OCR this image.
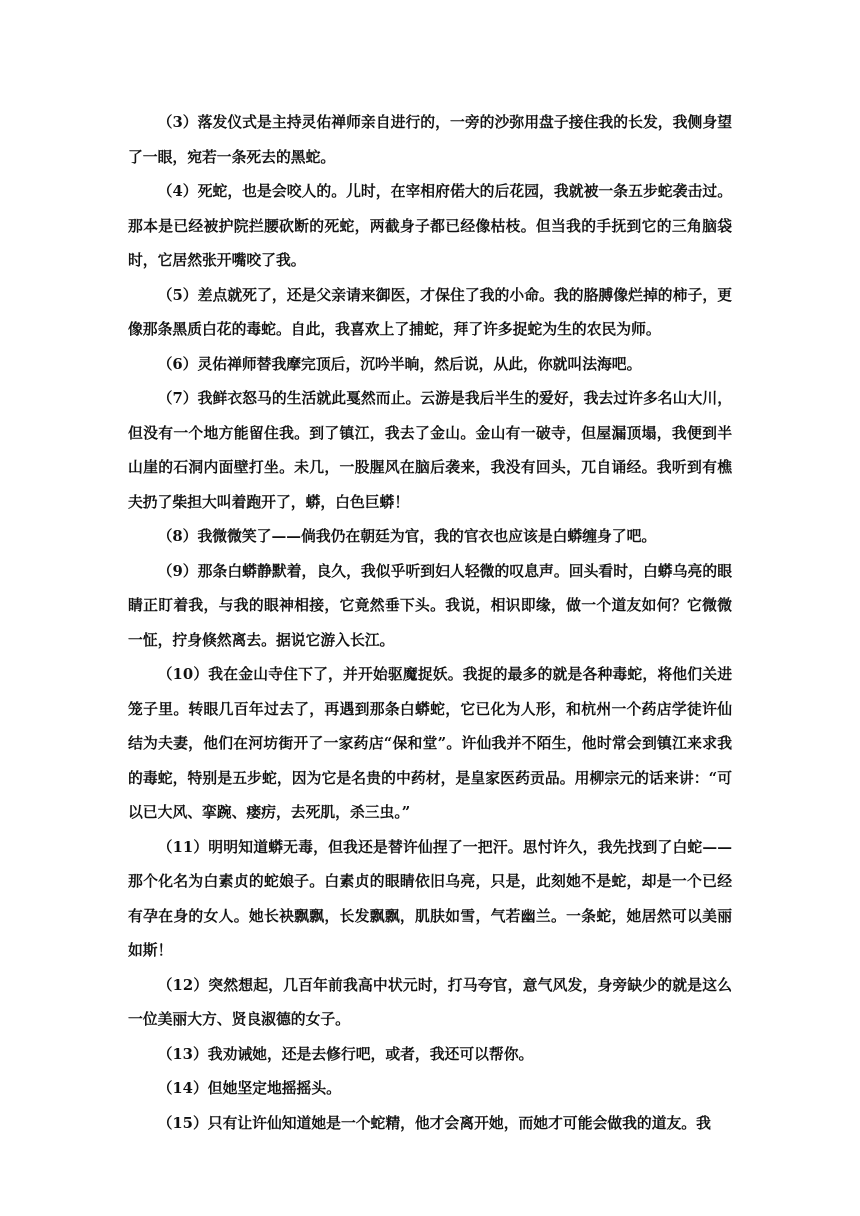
（3）落发仪式是主持灵佑禅师亲自进行的，一旁的沙弥用盘子接住我的长发，我侧身望了一眼，宛若一条死去的黑蛇。

（4）死蛇，也是会咬人的。儿时，在宰相府偌大的后花园，我就被一条五步蛇袭击过。那本是已经被护院拦腰砍断的死蛇，两截身子都已经像枯枝。但当我的手抚到它的三角脑袋时，它居然张开嘴咬了我。

（5）差点就死了，还是父亲请来御医，才保住了我的小命。我的胳膊像烂掉的柿子，更像那条黑质白花的毒蛇。自此，我喜欢上了捕蛇，拜了许多捉蛇为生的农民为师。

（6）灵佑禅师替我摩完顶后，沉吟半晌，然后说，从此，你就叫法海吧。

（7）我鲜衣怒马的生活就此戛然而止。云游是我后半生的爱好，我去过许多名山大川，但没有一个地方能留住我。到了镇江，我去了金山。金山有一破寺，但屋漏顶塌，我便到半山崖的石洞内面壁打坐。未几，一股腥风在脑后袭来，我没有回头，兀自诵经。我听到有樵夫扔了柴担大叫着跑开了，蟒，白色巨蟒！

（8）我微微笑了——倘我仍在朝廷为官，我的官衣也应该是白蟒缠身了吧。

（9）那条白蟒静默着，良久，我似乎听到妇人轻微的叹息声。回头看时，白蟒乌亮的眼睛正盯着我，与我的眼神相接，它竟然垂下头。我说，相识即缘，做一个道友如何？它微微一怔，拧身倏然离去。据说它游入长江。

（10）我在金山寺住下了，并开始驱魔捉妖。我捉的最多的就是各种毒蛇，将他们关进笼子里。转眼几百年过去了，再遇到那条白蟒蛇，它已化为人形，和杭州一个药店学徒许仙结为夫妻，他们在河坊街开了一家药店“保和堂”。许仙我并不陌生，他时常会到镇江来求我的毒蛇，特别是五步蛇，因为它是名贵的中药材，是皇家医药贡品。用柳宗元的话来讲：“可以已大风、挛踠、瘘疠，去死肌，杀三虫。”

（11）明明知道蟒无毒，但我还是替许仙捏了一把汗。思忖许久，我先找到了白蛇——那个化名为白素贞的蛇娘子。白素贞的眼睛依旧乌亮，只是，此刻她不是蛇，却是一个已经有孕在身的女人。她长袂飘飘，长发飘飘，肌肤如雪，气若幽兰。一条蛇，她居然可以美丽如斯！

（12）突然想起，几百年前我高中状元时，打马夸官，意气风发，身旁缺少的就是这么一位美丽大方、贤良淑德的女子。

（13）我劝诫她，还是去修行吧，或者，我还可以帮你。

（14）但她坚定地摇摇头。

（15）只有让许仙知道她是一个蛇精，他才会离开她，而她才可能会做我的道友。我
